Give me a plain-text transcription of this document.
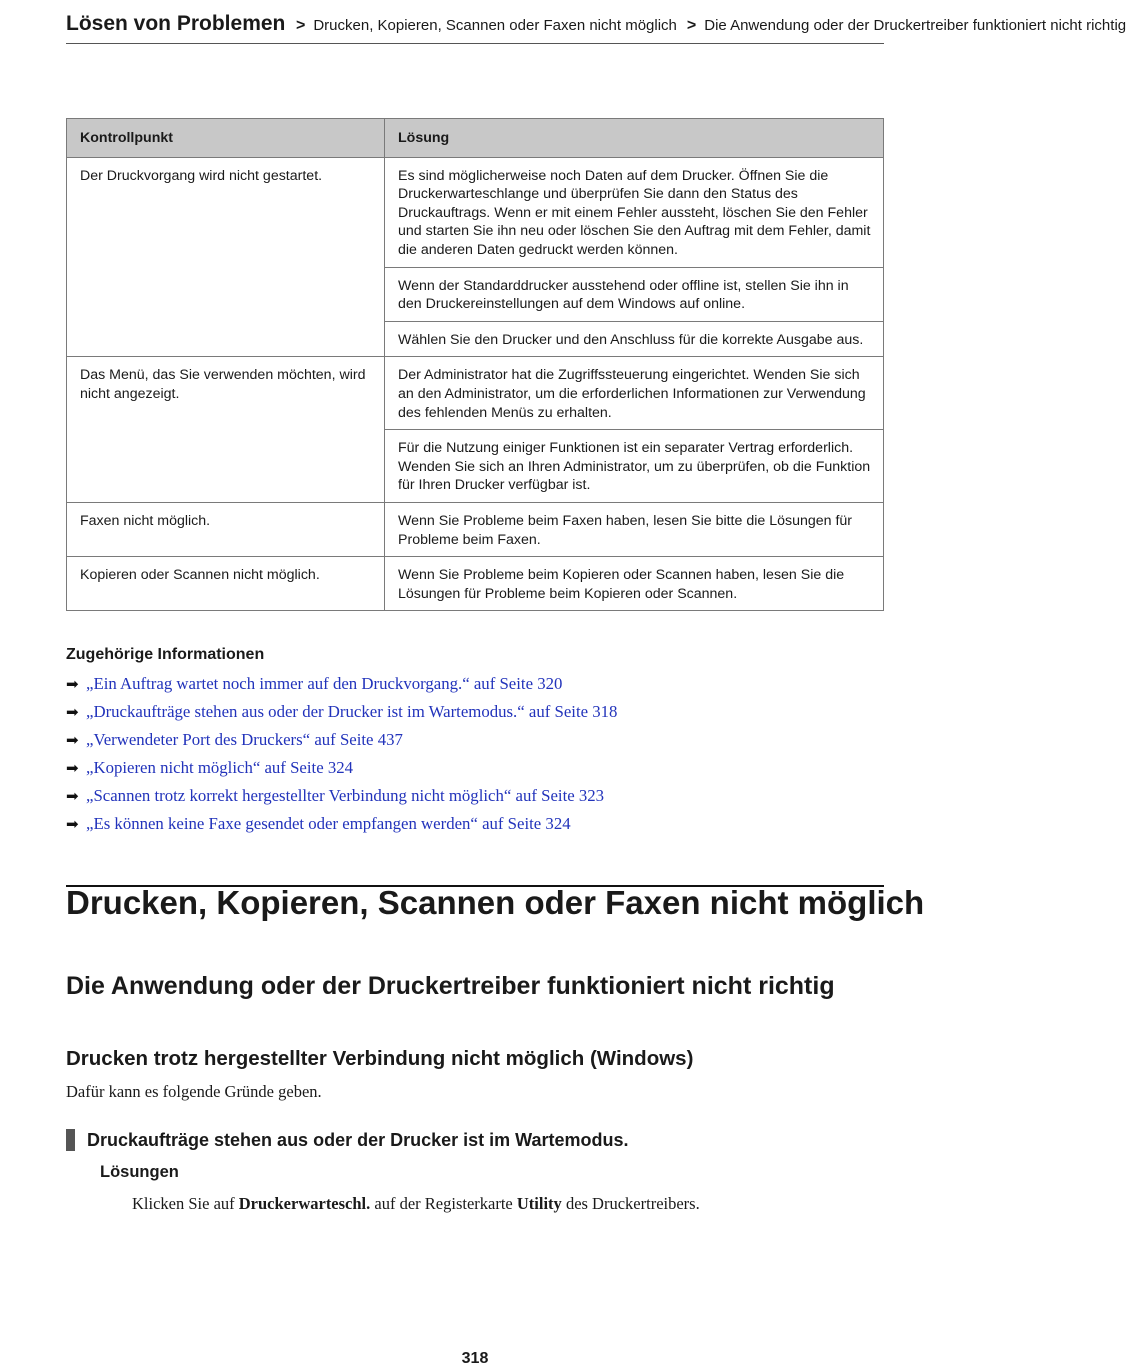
Lösen von Problemen > Drucken, Kopieren, Scannen oder Faxen nicht möglich > Die Anwendung oder der Druckertreiber funktioniert nicht richtig
Kontrollpunkt	Lösung
Der Druckvorgang wird nicht gestartet.	Es sind möglicherweise noch Daten auf dem Drucker. Öffnen Sie die Druckerwarteschlange und überprüfen Sie dann den Status des Druckauftrags. Wenn er mit einem Fehler aussteht, löschen Sie den Fehler und starten Sie ihn neu oder löschen Sie den Auftrag mit dem Fehler, damit die anderen Daten gedruckt werden können.
	Wenn der Standarddrucker ausstehend oder offline ist, stellen Sie ihn in den Druckereinstellungen auf dem Windows auf online.
	Wählen Sie den Drucker und den Anschluss für die korrekte Ausgabe aus.
Das Menü, das Sie verwenden möchten, wird nicht angezeigt.	Der Administrator hat die Zugriffssteuerung eingerichtet. Wenden Sie sich an den Administrator, um die erforderlichen Informationen zur Verwendung des fehlenden Menüs zu erhalten.
	Für die Nutzung einiger Funktionen ist ein separater Vertrag erforderlich. Wenden Sie sich an Ihren Administrator, um zu überprüfen, ob die Funktion für Ihren Drucker verfügbar ist.
Faxen nicht möglich.	Wenn Sie Probleme beim Faxen haben, lesen Sie bitte die Lösungen für Probleme beim Faxen.
Kopieren oder Scannen nicht möglich.	Wenn Sie Probleme beim Kopieren oder Scannen haben, lesen Sie die Lösungen für Probleme beim Kopieren oder Scannen.
Zugehörige Informationen
➡ „Ein Auftrag wartet noch immer auf den Druckvorgang.“ auf Seite 320
➡ „Druckaufträge stehen aus oder der Drucker ist im Wartemodus.“ auf Seite 318
➡ „Verwendeter Port des Druckers“ auf Seite 437
➡ „Kopieren nicht möglich“ auf Seite 324
➡ „Scannen trotz korrekt hergestellter Verbindung nicht möglich“ auf Seite 323
➡ „Es können keine Faxe gesendet oder empfangen werden“ auf Seite 324
Drucken, Kopieren, Scannen oder Faxen nicht möglich
Die Anwendung oder der Druckertreiber funktioniert nicht richtig
Drucken trotz hergestellter Verbindung nicht möglich (Windows)

Dafür kann es folgende Gründe geben.

Druckaufträge stehen aus oder der Drucker ist im Wartemodus.
Lösungen

Klicken Sie auf Druckerwarteschl. auf der Registerkarte Utility des Druckertreibers.

318
